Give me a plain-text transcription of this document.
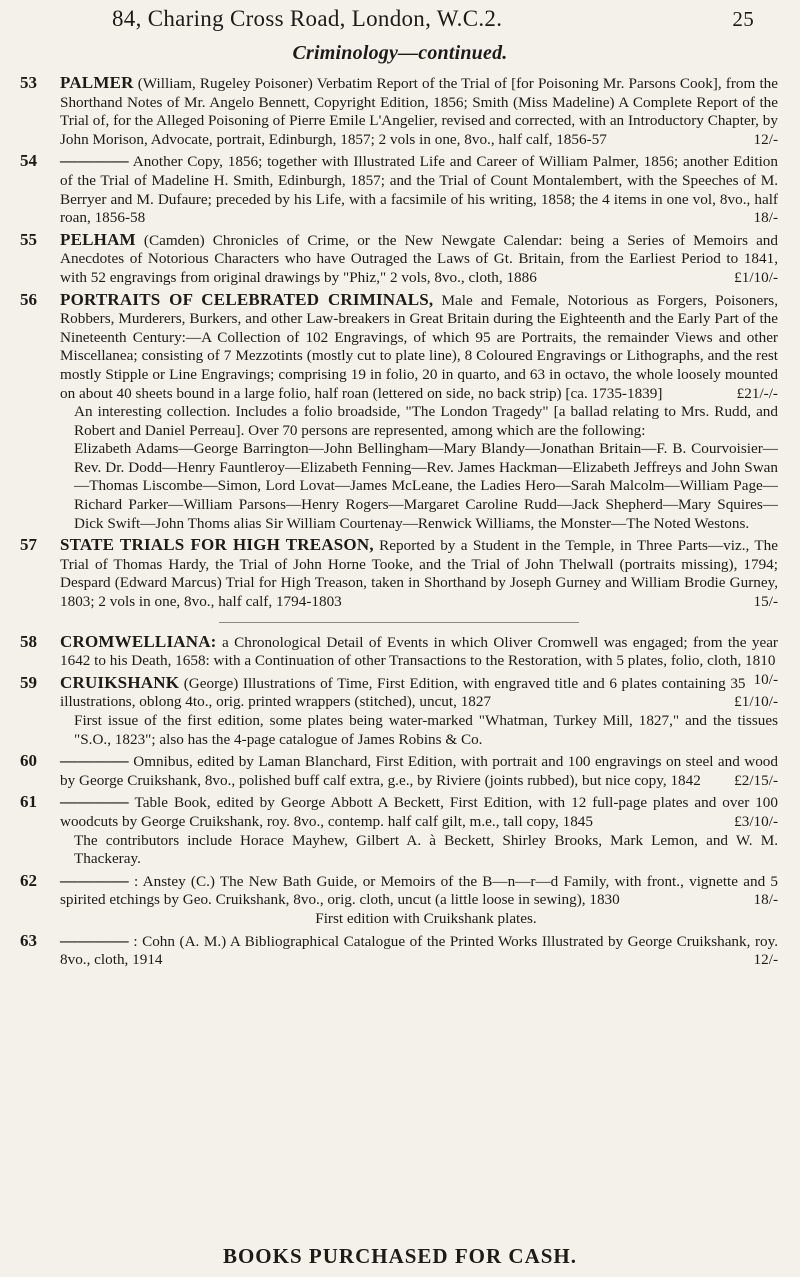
84, Charing Cross Road, London, W.C.2.	25
Criminology—continued.
53	PALMER (William, Rugeley Poisoner) Verbatim Report of the Trial of [for Poisoning Mr. Parsons Cook], from the Shorthand Notes of Mr. Angelo Bennett, Copyright Edition, 1856; Smith (Miss Madeline) A Complete Report of the Trial of, for the Alleged Poisoning of Pierre Emile L'Angelier, revised and corrected, with an Introductory Chapter, by John Morison, Advocate, portrait, Edinburgh, 1857; 2 vols in one, 8vo., half calf, 1856-57	12/-
54	———— Another Copy, 1856; together with Illustrated Life and Career of William Palmer, 1856; another Edition of the Trial of Madeline H. Smith, Edinburgh, 1857; and the Trial of Count Montalembert, with the Speeches of M. Berryer and M. Dufaure; preceded by his Life, with a facsimile of his writing, 1858; the 4 items in one vol, 8vo., half roan, 1856-58	18/-
55	PELHAM (Camden) Chronicles of Crime, or the New Newgate Calendar: being a Series of Memoirs and Anecdotes of Notorious Characters who have Outraged the Laws of Gt. Britain, from the Earliest Period to 1841, with 52 engravings from original drawings by "Phiz," 2 vols, 8vo., cloth, 1886	£1/10/-
56	PORTRAITS OF CELEBRATED CRIMINALS, Male and Female, Notorious as Forgers, Poisoners, Robbers, Murderers, Burkers, and other Law-breakers in Great Britain during the Eighteenth and the Early Part of the Nineteenth Century:—A Collection of 102 Engravings, of which 95 are Portraits, the remainder Views and other Miscellanea; consisting of 7 Mezzotints (mostly cut to plate line), 8 Coloured Engravings or Lithographs, and the rest mostly Stipple or Line Engravings; comprising 19 in folio, 20 in quarto, and 63 in octavo, the whole loosely mounted on about 40 sheets bound in a large folio, half roan (lettered on side, no back strip) [ca. 1735-1839]	£21/-/-
An interesting collection. Includes a folio broadside, "The London Tragedy" [a ballad relating to Mrs. Rudd, and Robert and Daniel Perreau]. Over 70 persons are represented, among which are the following:
Elizabeth Adams—George Barrington—John Bellingham—Mary Blandy—Jonathan Britain—F. B. Courvoisier—Rev. Dr. Dodd—Henry Fauntleroy—Elizabeth Fenning—Rev. James Hackman—Elizabeth Jeffreys and John Swan—Thomas Liscombe—Simon, Lord Lovat—James McLeane, the Ladies Hero—Sarah Malcolm—William Page—Richard Parker—William Parsons—Henry Rogers—Margaret Caroline Rudd—Jack Shepherd—Mary Squires—Dick Swift—John Thoms alias Sir William Courtenay—Renwick Williams, the Monster—The Noted Westons.
57	STATE TRIALS FOR HIGH TREASON, Reported by a Student in the Temple, in Three Parts—viz., The Trial of Thomas Hardy, the Trial of John Horne Tooke, and the Trial of John Thelwall (portraits missing), 1794; Despard (Edward Marcus) Trial for High Treason, taken in Shorthand by Joseph Gurney and William Brodie Gurney, 1803; 2 vols in one, 8vo., half calf, 1794-1803	15/-
58	CROMWELLIANA: a Chronological Detail of Events in which Oliver Cromwell was engaged; from the year 1642 to his Death, 1658: with a Continuation of other Transactions to the Restoration, with 5 plates, folio, cloth, 1810
10/-
59	CRUIKSHANK (George) Illustrations of Time, First Edition, with engraved title and 6 plates containing 35 illustrations, oblong 4to., orig. printed wrappers (stitched), uncut, 1827	£1/10/-
First issue of the first edition, some plates being water-marked "Whatman, Turkey Mill, 1827," and the tissues "S.O., 1823"; also has the 4-page catalogue of James Robins & Co.
60	———— Omnibus, edited by Laman Blanchard, First Edition, with portrait and 100 engravings on steel and wood by George Cruikshank, 8vo., polished buff calf extra, g.e., by Riviere (joints rubbed), but nice copy, 1842 £2/15/-
61	———— Table Book, edited by George Abbott A Beckett, First Edition, with 12 full-page plates and over 100 woodcuts by George Cruikshank, roy. 8vo., contemp. half calf gilt, m.e., tall copy, 1845	£3/10/-
The contributors include Horace Mayhew, Gilbert A. à Beckett, Shirley Brooks, Mark Lemon, and W. M. Thackeray.
62	———— : Anstey (C.) The New Bath Guide, or Memoirs of the B—n—r—d Family, with front., vignette and 5 spirited etchings by Geo. Cruikshank, 8vo., orig. cloth, uncut (a little loose in sewing), 1830	18/-
First edition with Cruikshank plates.
63	———— : Cohn (A. M.) A Bibliographical Catalogue of the Printed Works Illustrated by George Cruikshank, roy. 8vo., cloth, 1914	12/-
BOOKS PURCHASED FOR CASH.
